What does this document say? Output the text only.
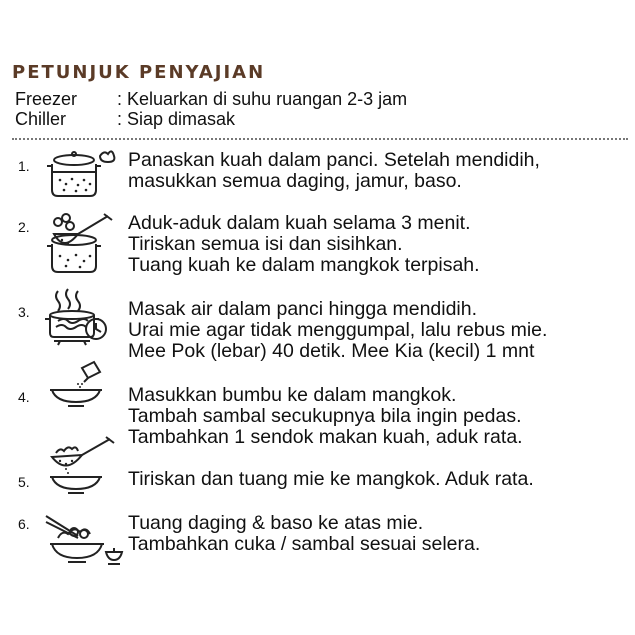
PETUNJUK PENYAJIAN
Freezer : Keluarkan di suhu ruangan 2-3 jam
Chiller	: Siap dimasak
1.	Panaskan kuah dalam panci. Setelah mendidih,
masukkan semua daging, jamur, baso.
2.	Aduk-aduk dalam kuah selama 3 menit.
Tiriskan semua isi dan sisihkan.
Tuang kuah ke dalam mangkok terpisah.
3.	Masak air dalam panci hingga mendidih.
Urai mie agar tidak menggumpal, lalu rebus mie.
Mee Pok (lebar) 40 detik. Mee Kia (kecil) 1 mnt
4.	Masukkan bumbu ke dalam mangkok.
Tambah sambal secukupnya bila ingin pedas.
Tambahkan 1 sendok makan kuah, aduk rata.
5.	Tiriskan dan tuang mie ke mangkok. Aduk rata.
6.	Tuang daging & baso ke atas mie.
Tambahkan cuka / sambal sesuai selera.
